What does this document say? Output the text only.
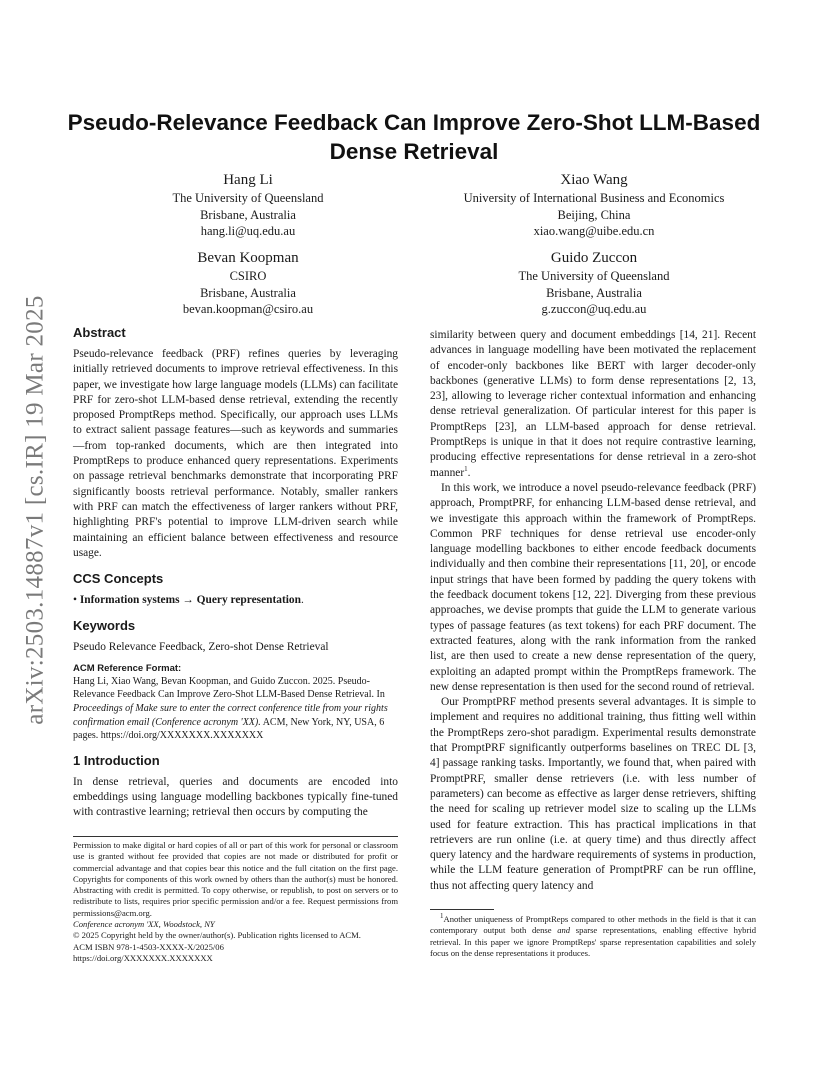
arXiv:2503.14887v1 [cs.IR] 19 Mar 2025
Pseudo-Relevance Feedback Can Improve Zero-Shot LLM-Based Dense Retrieval
Hang Li
The University of Queensland
Brisbane, Australia
hang.li@uq.edu.au
Xiao Wang
University of International Business and Economics
Beijing, China
xiao.wang@uibe.edu.cn
Bevan Koopman
CSIRO
Brisbane, Australia
bevan.koopman@csiro.au
Guido Zuccon
The University of Queensland
Brisbane, Australia
g.zuccon@uq.edu.au
Abstract

Pseudo-relevance feedback (PRF) refines queries by leveraging initially retrieved documents to improve retrieval effectiveness. In this paper, we investigate how large language models (LLMs) can facilitate PRF for zero-shot LLM-based dense retrieval, extending the recently proposed PromptReps method. Specifically, our approach uses LLMs to extract salient passage features—such as keywords and summaries—from top-ranked documents, which are then integrated into PromptReps to produce enhanced query representations. Experiments on passage retrieval benchmarks demonstrate that incorporating PRF significantly boosts retrieval performance. Notably, smaller rankers with PRF can match the effectiveness of larger rankers without PRF, highlighting PRF's potential to improve LLM-driven search while maintaining an efficient balance between effectiveness and resource usage.

CCS Concepts

• Information systems → Query representation.

Keywords

Pseudo Relevance Feedback, Zero-shot Dense Retrieval

ACM Reference Format:

Hang Li, Xiao Wang, Bevan Koopman, and Guido Zuccon. 2025. Pseudo-Relevance Feedback Can Improve Zero-Shot LLM-Based Dense Retrieval. In Proceedings of Make sure to enter the correct conference title from your rights confirmation email (Conference acronym 'XX). ACM, New York, NY, USA, 6 pages. https://doi.org/XXXXXXX.XXXXXXX

1 Introduction

In dense retrieval, queries and documents are encoded into embeddings using language modelling backbones typically fine-tuned with contrastive learning; retrieval then occurs by computing the

Permission to make digital or hard copies of all or part of this work for personal or classroom use is granted without fee provided that copies are not made or distributed for profit or commercial advantage and that copies bear this notice and the full citation on the first page. Copyrights for components of this work owned by others than the author(s) must be honored. Abstracting with credit is permitted. To copy otherwise, or republish, to post on servers or to redistribute to lists, requires prior specific permission and/or a fee. Request permissions from permissions@acm.org.

Conference acronym 'XX, Woodstock, NY

© 2025 Copyright held by the owner/author(s). Publication rights licensed to ACM.

ACM ISBN 978-1-4503-XXXX-X/2025/06

https://doi.org/XXXXXXX.XXXXXXX

similarity between query and document embeddings [14, 21]. Recent advances in language modelling have been motivated the replacement of encoder-only backbones like BERT with larger decoder-only backbones (generative LLMs) to form dense representations [2, 13, 23], allowing to leverage richer contextual information and enhancing dense retrieval generalization. Of particular interest for this paper is PromptReps [23], an LLM-based approach for dense retrieval. PromptReps is unique in that it does not require contrastive learning, producing effective representations for dense retrieval in a zero-shot manner$^1$.

In this work, we introduce a novel pseudo-relevance feedback (PRF) approach, PromptPRF, for enhancing LLM-based dense retrieval, and we investigate this approach within the framework of PromptReps. Common PRF techniques for dense retrieval use encoder-only language modelling backbones to either encode feedback documents individually and then combine their representations [11, 20], or encode input strings that have been formed by padding the query tokens with the feedback document tokens [12, 22]. Diverging from these previous approaches, we devise prompts that guide the LLM to generate various types of passage features (as text tokens) for each PRF document. The extracted features, along with the rank information from the ranked list, are then used to create a new dense representation of the query, exploiting an adapted prompt within the PromptReps framework. The new dense representation is then used for the second round of retrieval.

Our PromptPRF method presents several advantages. It is simple to implement and requires no additional training, thus fitting well within the PromptReps zero-shot paradigm. Experimental results demonstrate that PromptPRF significantly outperforms baselines on TREC DL [3, 4] passage ranking tasks. Importantly, we found that, when paired with PromptPRF, smaller dense retrievers (i.e. with less number of parameters) can become as effective as larger dense retrievers, shifting the need for scaling up retriever model size to scaling up the LLMs used for feature extraction. This has practical implications in that retrievers are run online (i.e. at query time) and thus directly affect query latency and the hardware requirements of systems in production, while the LLM feature generation of PromptPRF can be run offline, thus not affecting query latency and

$^1$Another uniqueness of PromptReps compared to other methods in the field is that it can contemporary output both dense and sparse representations, enabling effective hybrid retrieval. In this paper we ignore PromptReps' sparse representation capabilities and solely focus on the dense representations it produces.
